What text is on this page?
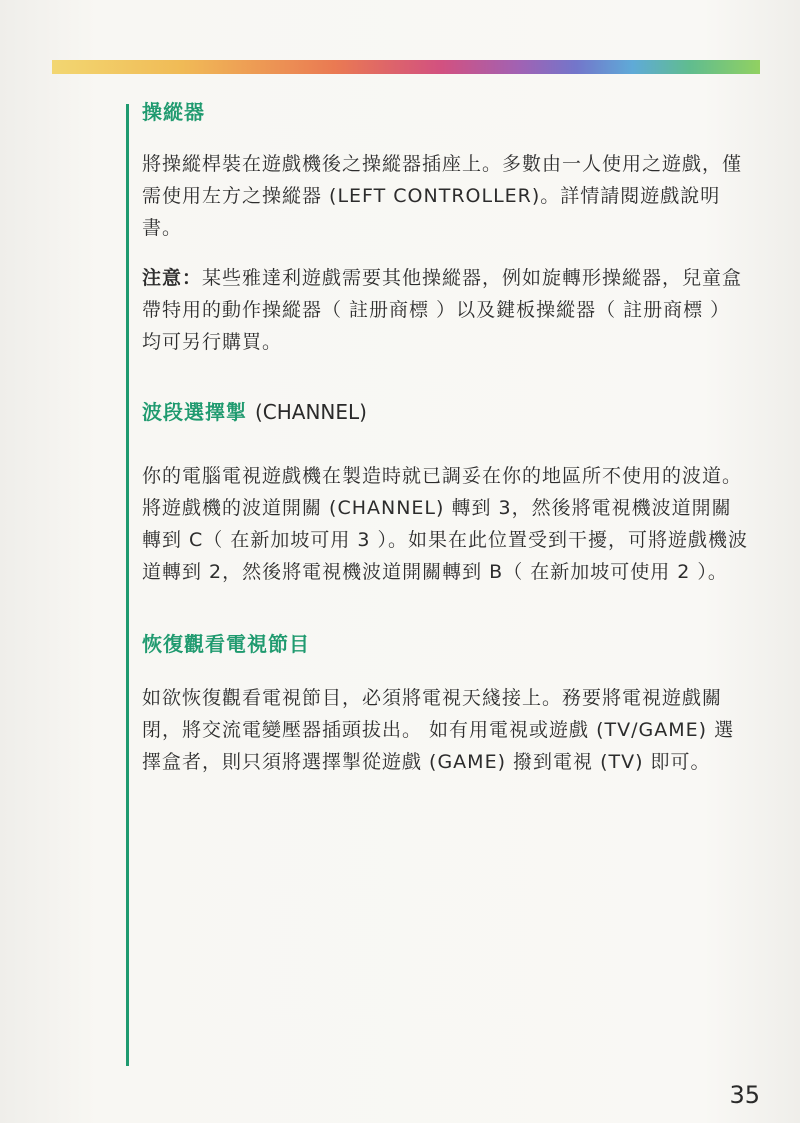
操縱器

將操縱桿裝在遊戲機後之操縱器插座上。多數由一人使用之遊戲，僅需使用左方之操縱器 (LEFT CONTROLLER)。詳情請閱遊戲說明書。

注意：某些雅達利遊戲需要其他操縱器，例如旋轉形操縱器，兒童盒帶特用的動作操縱器（ 註册商標 ）以及鍵板操縱器（ 註册商標 ）均可另行購買。

波段選擇掣 (CHANNEL)

你的電腦電視遊戲機在製造時就已調妥在你的地區所不使用的波道。將遊戲機的波道開關 (CHANNEL) 轉到 3，然後將電視機波道開關轉到 C（ 在新加坡可用 3 ）。如果在此位置受到干擾，可將遊戲機波道轉到 2，然後將電視機波道開關轉到 B（ 在新加坡可使用 2 ）。

恢復觀看電視節目

如欲恢復觀看電視節目，必須將電視天綫接上。務要將電視遊戲關閉，將交流電變壓器插頭拔出。 如有用電視或遊戲 (TV/GAME) 選擇盒者，則只須將選擇掣從遊戲 (GAME) 撥到電視 (TV) 即可。

35
